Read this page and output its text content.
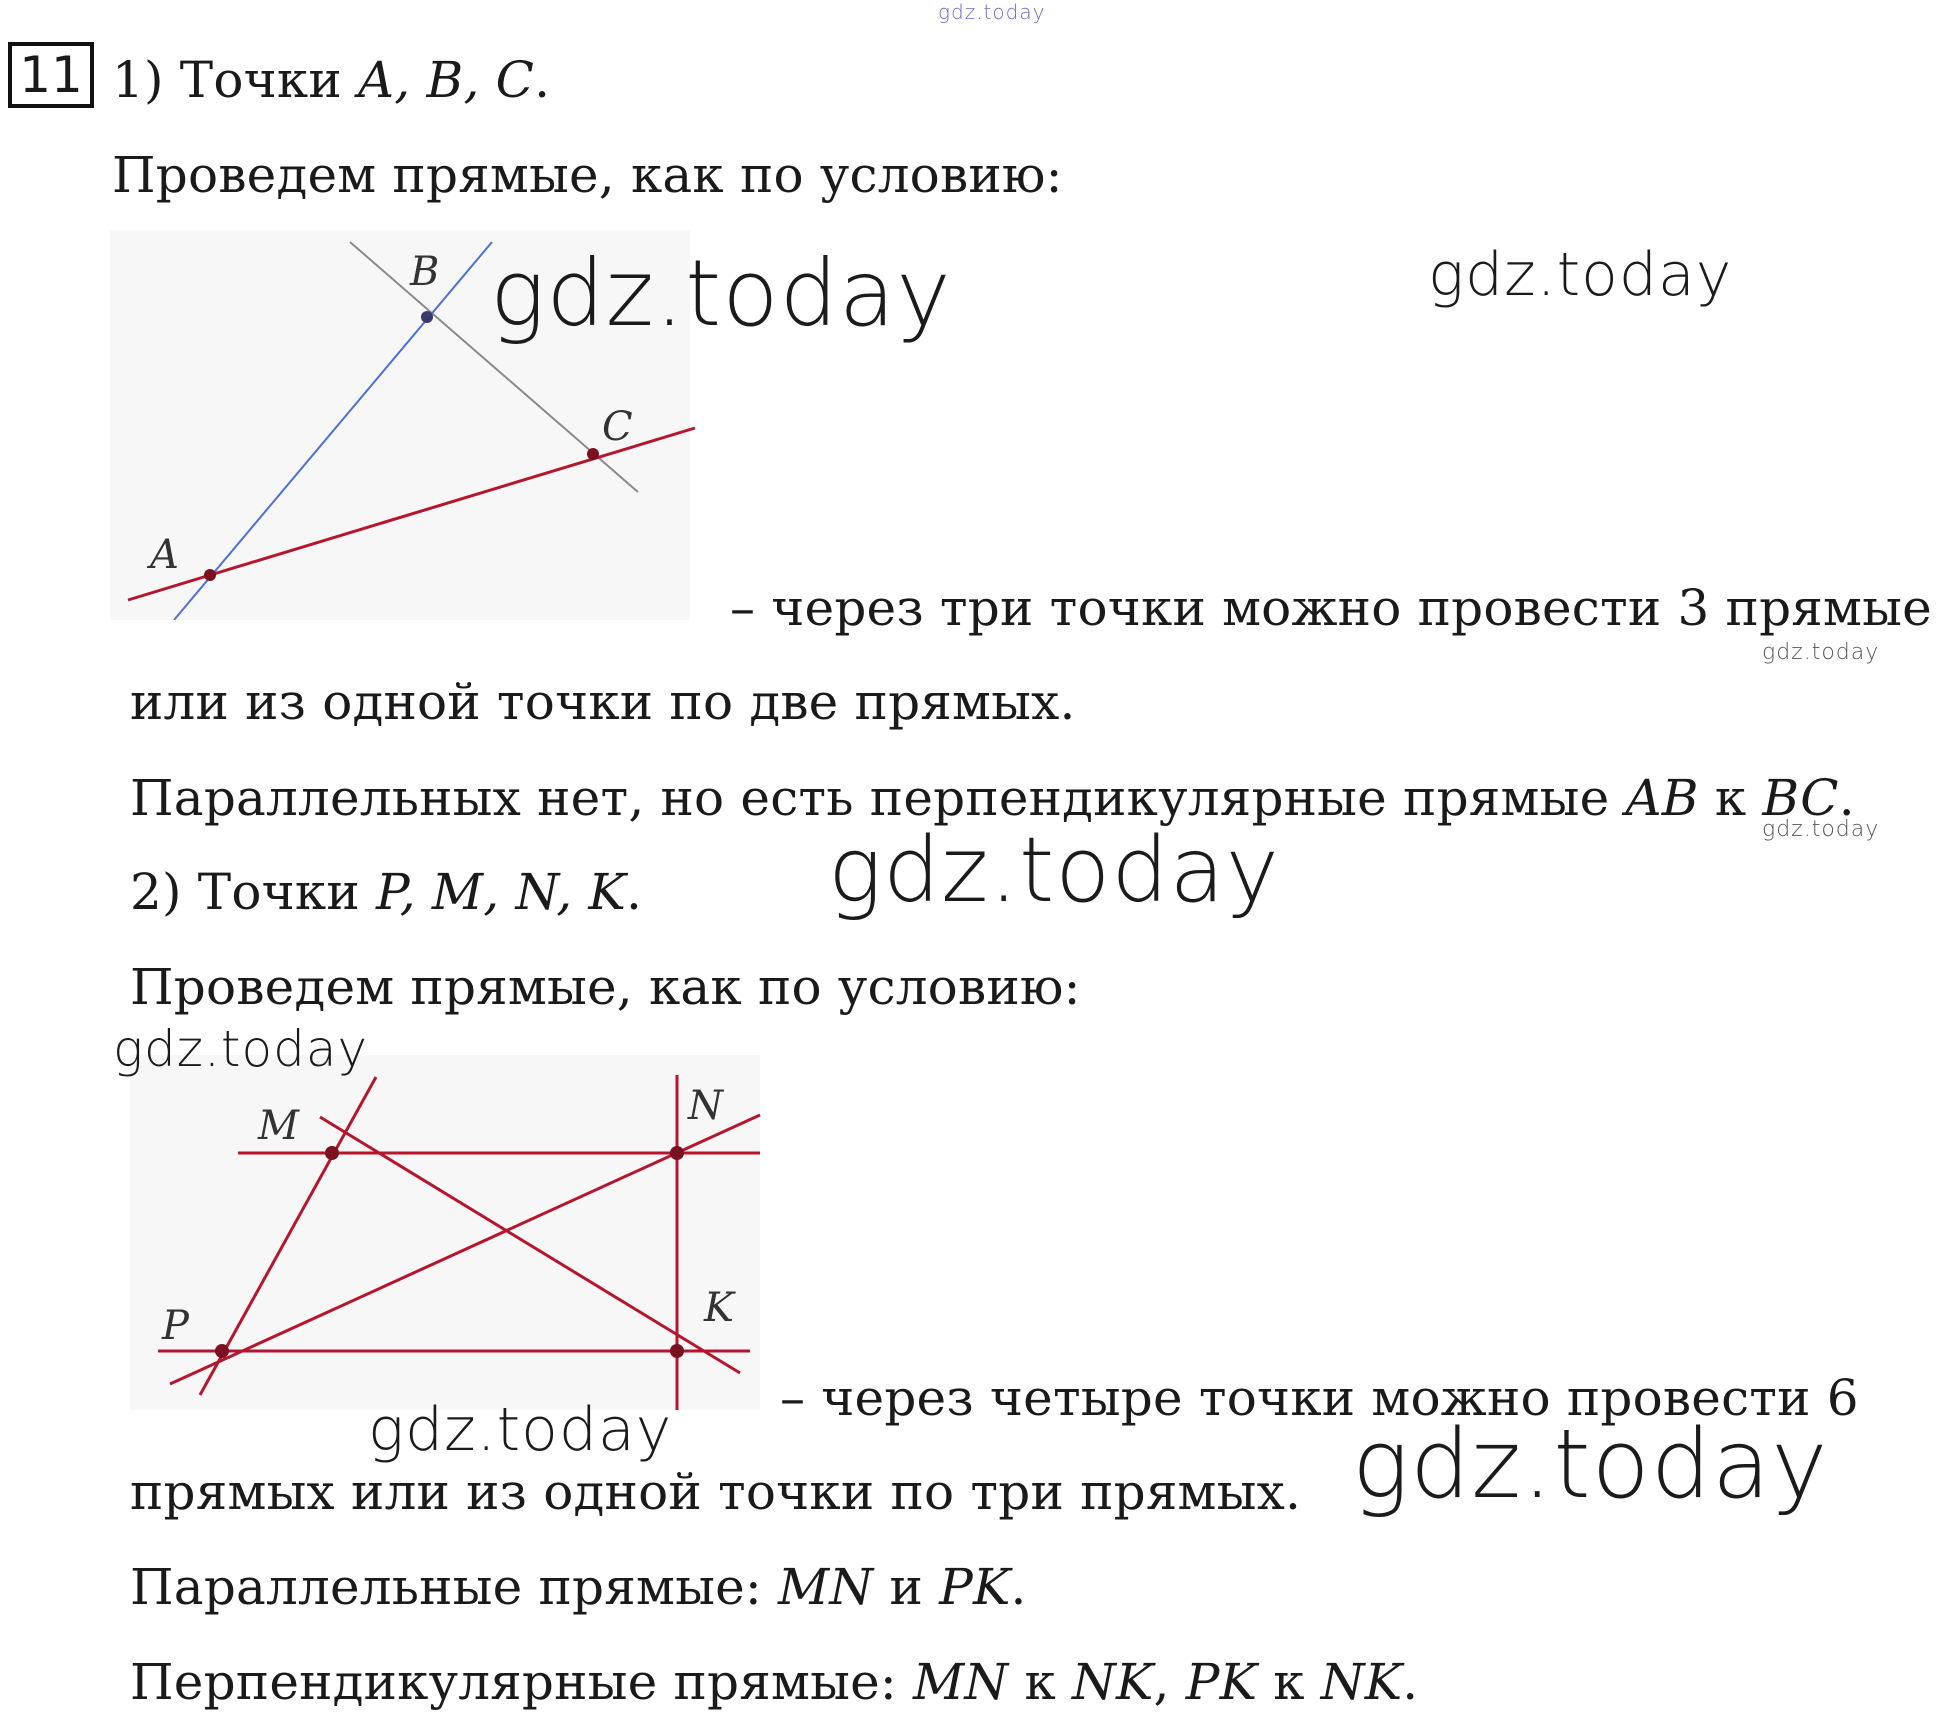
gdz.today
11 1) Точки A, B, C.
Проведем прямые, как по условию:
A
B
C
– через три точки можно провести 3 прямые
или из одной точки по две прямых.
Параллельных нет, но есть перпендикулярные прямые AB к BC.
2) Точки P, M, N, K.
Проведем прямые, как по условию:
M	N
P	K
– через четыре точки можно провести 6
прямых или из одной точки по три прямых.
Параллельные прямые: MN и PK.
Перпендикулярные прямые: MN к NK, PK к NK.
gdz.today	gdz.today
gdz.today
gdz.today
gdz.today
gdz.today
gdz.today	gdz.today
